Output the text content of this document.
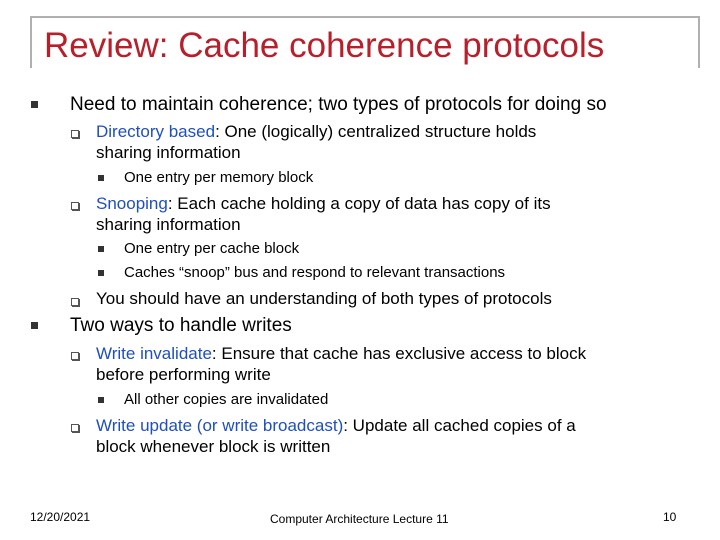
Review: Cache coherence protocols
Need to maintain coherence; two types of protocols for doing so
Directory based: One (logically) centralized structure holds
sharing information
One entry per memory block
Snooping: Each cache holding a copy of data has copy of its
sharing information
One entry per cache block
Caches “snoop” bus and respond to relevant transactions
You should have an understanding of both types of protocols
Two ways to handle writes
Write invalidate: Ensure that cache has exclusive access to block
before performing write
All other copies are invalidated
Write update (or write broadcast): Update all cached copies of a
block whenever block is written
12/20/2021	Computer Architecture Lecture 11	10
